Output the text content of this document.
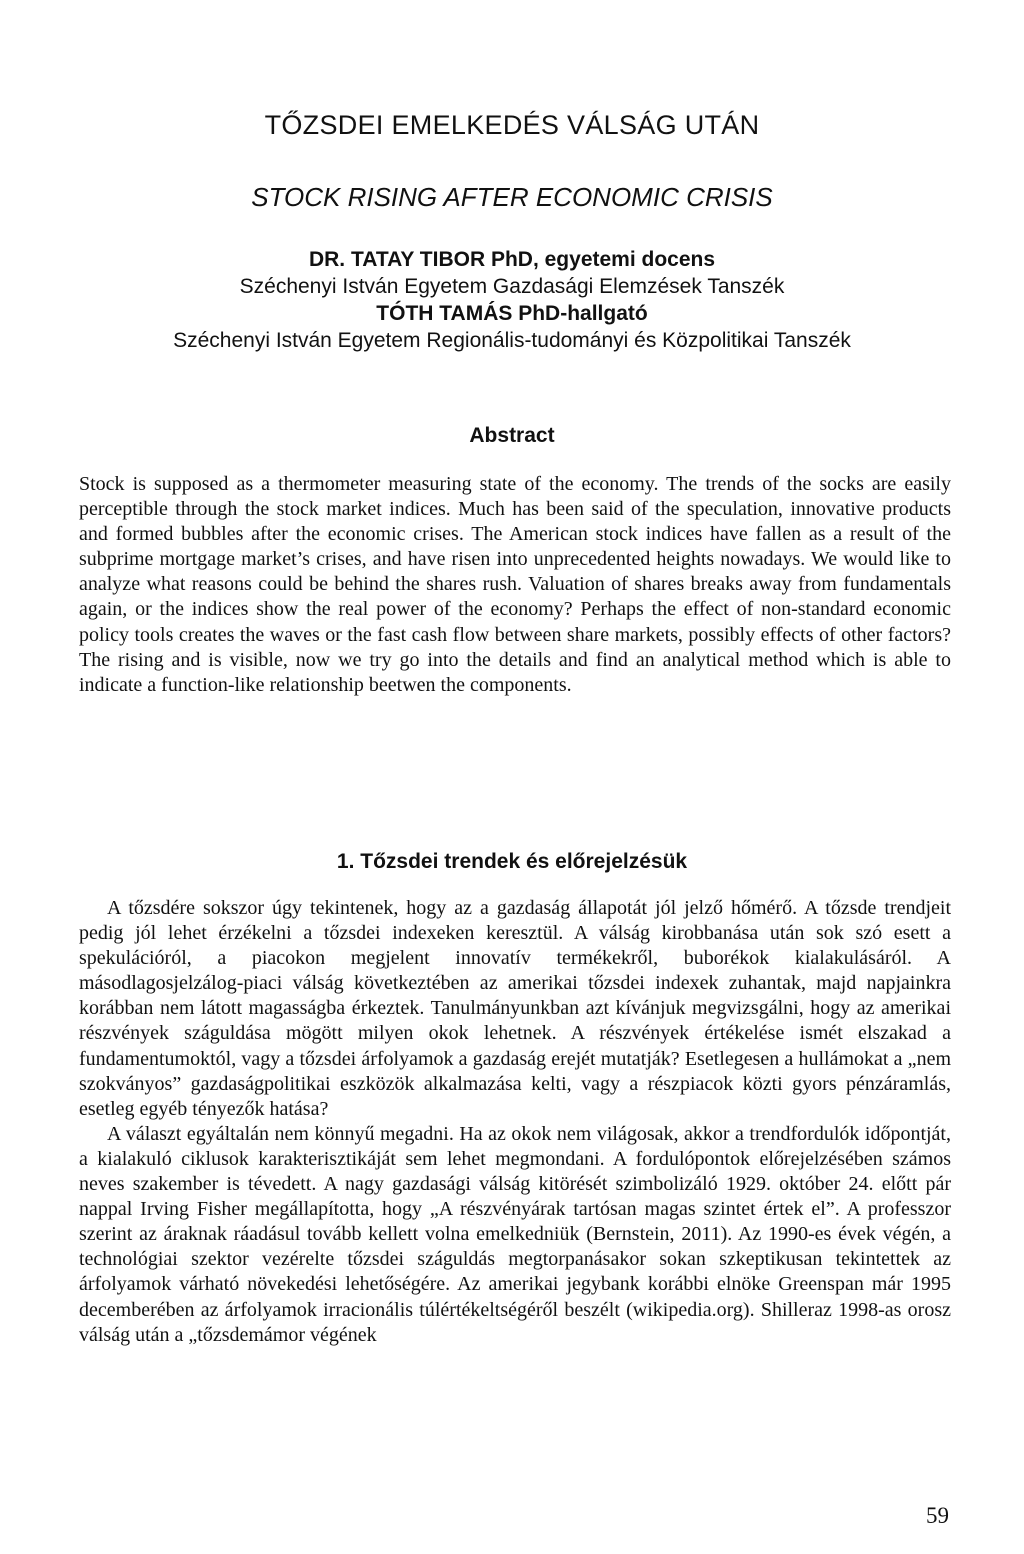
TŐZSDEI EMELKEDÉS VÁLSÁG UTÁN
STOCK RISING AFTER ECONOMIC CRISIS
DR. TATAY TIBOR PhD, egyetemi docens
Széchenyi István Egyetem Gazdasági Elemzések Tanszék
TÓTH TAMÁS PhD-hallgató
Széchenyi István Egyetem Regionális-tudományi és Közpolitikai Tanszék
Abstract
Stock is supposed as a thermometer measuring state of the economy. The trends of the socks are easily perceptible through the stock market indices. Much has been said of the speculation, innovative products and formed bubbles after the economic crises. The American stock indices have fallen as a result of the subprime mortgage market’s crises, and have risen into unprecedented heights nowadays. We would like to analyze what reasons could be behind the shares rush. Valuation of shares breaks away from fundamentals again, or the indices show the real power of the economy? Perhaps the effect of non-standard economic policy tools creates the waves or the fast cash flow between share markets, possibly effects of other factors? The rising and is visible, now we try go into the details and find an analytical method which is able to indicate a function-like relationship beetwen the components.
1. Tőzsdei trendek és előrejelzésük

A tőzsdére sokszor úgy tekintenek, hogy az a gazdaság állapotát jól jelző hőmérő. A tőzsde trendjeit pedig jól lehet érzékelni a tőzsdei indexeken keresztül. A válság kirobbanása után sok szó esett a spekulációról, a piacokon megjelent innovatív termékekről, buborékok kialakulásáról. A másodlagosjelzálog-piaci válság következtében az amerikai tőzsdei indexek zuhantak, majd napjainkra korábban nem látott magasságba érkeztek. Tanulmányunkban azt kívánjuk megvizsgálni, hogy az amerikai részvények száguldása mögött milyen okok lehetnek. A részvények értékelése ismét elszakad a fundamentumoktól, vagy a tőzsdei árfolyamok a gazdaság erejét mutatják? Esetlegesen a hullámokat a „nem szokványos” gazdaságpolitikai eszközök alkalmazása kelti, vagy a részpiacok közti gyors pénzáramlás, esetleg egyéb tényezők hatása?

A választ egyáltalán nem könnyű megadni. Ha az okok nem világosak, akkor a trendfordulók időpontját, a kialakuló ciklusok karakterisztikáját sem lehet megmondani. A fordulópontok előrejelzésében számos neves szakember is tévedett. A nagy gazdasági válság kitörését szimbolizáló 1929. október 24. előtt pár nappal Irving Fisher megállapította, hogy „A részvényárak tartósan magas szintet értek el”. A professzor szerint az áraknak ráadásul tovább kellett volna emelkedniük (Bernstein, 2011). Az 1990-es évek végén, a technológiai szektor vezérelte tőzsdei száguldás megtorpanásakor sokan szkeptikusan tekintettek az árfolyamok várható növekedési lehetőségére. Az amerikai jegybank korábbi elnöke Greenspan már 1995 decemberében az árfolyamok irracionális túlértékeltségéről beszélt (wikipedia.org). Shilleraz 1998-as orosz válság után a „tőzsdemámor végének

59
